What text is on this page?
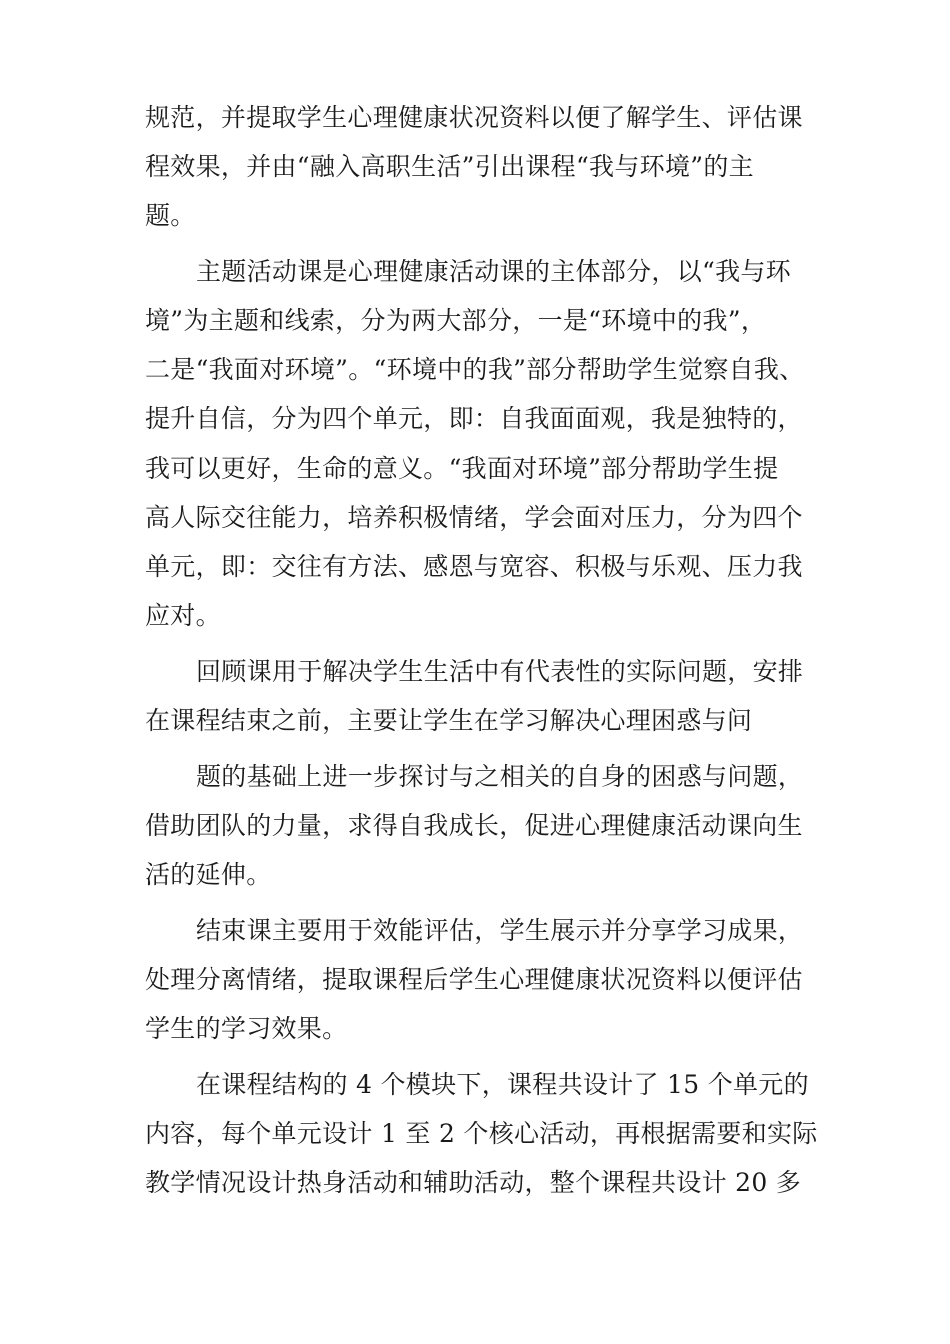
规范，并提取学生心理健康状况资料以便了解学生、评估课
程效果，并由“融入高职生活”引出课程“我与环境”的主
题。
主题活动课是心理健康活动课的主体部分，以“我与环
境”为主题和线索，分为两大部分，一是“环境中的我”，
二是“我面对环境”。“环境中的我”部分帮助学生觉察自我、
提升自信，分为四个单元，即：自我面面观，我是独特的，
我可以更好，生命的意义。“我面对环境”部分帮助学生提
高人际交往能力，培养积极情绪，学会面对压力，分为四个
单元，即：交往有方法、感恩与宽容、积极与乐观、压力我
应对。
回顾课用于解决学生生活中有代表性的实际问题，安排
在课程结束之前，主要让学生在学习解决心理困惑与问
题的基础上进一步探讨与之相关的自身的困惑与问题，
借助团队的力量，求得自我成长，促进心理健康活动课向生
活的延伸。
结束课主要用于效能评估，学生展示并分享学习成果，
处理分离情绪，提取课程后学生心理健康状况资料以便评估
学生的学习效果。
在课程结构的 4 个模块下，课程共设计了 15 个单元的
内容，每个单元设计 1 至 2 个核心活动，再根据需要和实际
教学情况设计热身活动和辅助活动，整个课程共设计 20 多
